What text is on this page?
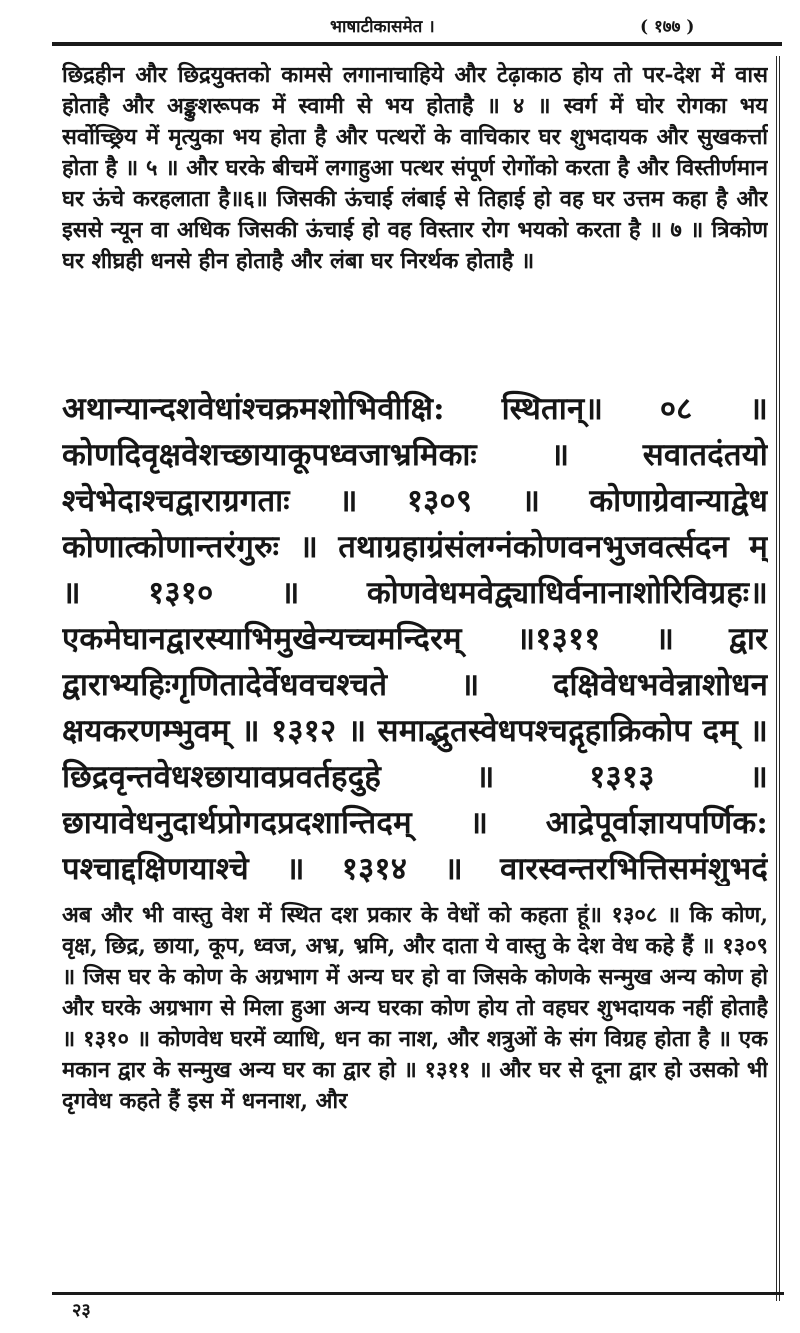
भाषाटीकासमेत ।	( १७७ )
छिद्रहीन और छिद्रयुक्तको कामसे लगानाचाहिये और टेढ़ाकाठ होय तो पर-देश में वास होताहै और अङ्कुशरूपक में स्वामी से भय होताहै ॥ ४ ॥ स्वर्ग में घोर रोगका भय सर्वोच्छ्रिय में मृत्युका भय होता है और पत्थरों के वाचिकार घर शुभदायक और सुखकर्त्ता होता है ॥ ५ ॥ और घरके बीचमें लगाहुआ पत्थर संपूर्ण रोगोंको करता है और विस्तीर्णमान घर ऊंचे करहलाता है॥६॥ जिसकी ऊंचाई लंबाई से तिहाई हो वह घर उत्तम कहा है और इससे न्यून वा अधिक जिसकी ऊंचाई हो वह विस्तार रोग भयको करता है ॥ ७ ॥ त्रिकोण घर शीघ्रही धनसे हीन होताहै और लंबा घर निरर्थक होताहै ॥
अथान्यान्दशवेधांश्चक्रमशोभिवीक्षि: स्थितान्॥ ०८ ॥ कोणदिवृक्षवेशच्छायाकूपध्वजाभ्रमिकाः ॥ सवातदंतयो श्चेभेदाश्चद्वाराग्रगताः ॥ १३०९ ॥ कोणाग्रेवान्याद्वेध कोणात्कोणान्तरंगुरुः ॥ तथाग्रहाग्रंसंलग्नंकोणवनभुजवर्त्सदन म् ॥ १३१० ॥ कोणवेधमवेद्व्याधिर्वनानाशोरिविग्रहः॥ एकमेघानद्वारस्याभिमुखेन्यच्चमन्दिरम् ॥१३११ ॥ द्वार द्वाराभ्यहिःगृणितादेर्वेधवचश्चते ॥ दक्षिवेधभवेन्नाशोधन क्षयकरणम्भुवम् ॥ १३१२ ॥ समाद्भुतस्वेधपश्चद्गृहाक्रिकोप दम् ॥ छिद्रवृन्तवेधश्छायावप्रवर्तहदुहे ॥ १३१३ ॥ छायावेधनुदार्थप्रोगदप्रदशान्तिदम् ॥ आद्रेपूर्वाज्ञायपर्णिक: पश्चाद्दक्षिणयाश्चे ॥ १३१४ ॥ वारस्वन्तरभित्तिसमंशुभदं
अब और भी वास्तु वेश में स्थित दश प्रकार के वेधों को कहता हूं॥ १३०८ ॥ कि कोण, वृक्ष, छिद्र, छाया, कूप, ध्वज, अभ्र, भ्रमि, और दाता ये वास्तु के देश वेध कहे हैं ॥ १३०९ ॥ जिस घर के कोण के अग्रभाग में अन्य घर हो वा जिसके कोणके सन्मुख अन्य कोण हो और घरके अग्रभाग से मिला हुआ अन्य घरका कोण होय तो वहघर शुभदायक नहीं होताहै ॥ १३१० ॥ कोणवेध घरमें व्याधि, धन का नाश, और शत्रुओं के संग विग्रह होता है ॥ एक मकान द्वार के सन्मुख अन्य घर का द्वार हो ॥ १३११ ॥ और घर से दूना द्वार हो उसको भी दृगवेध कहते हैं इस में धननाश, और
२३
